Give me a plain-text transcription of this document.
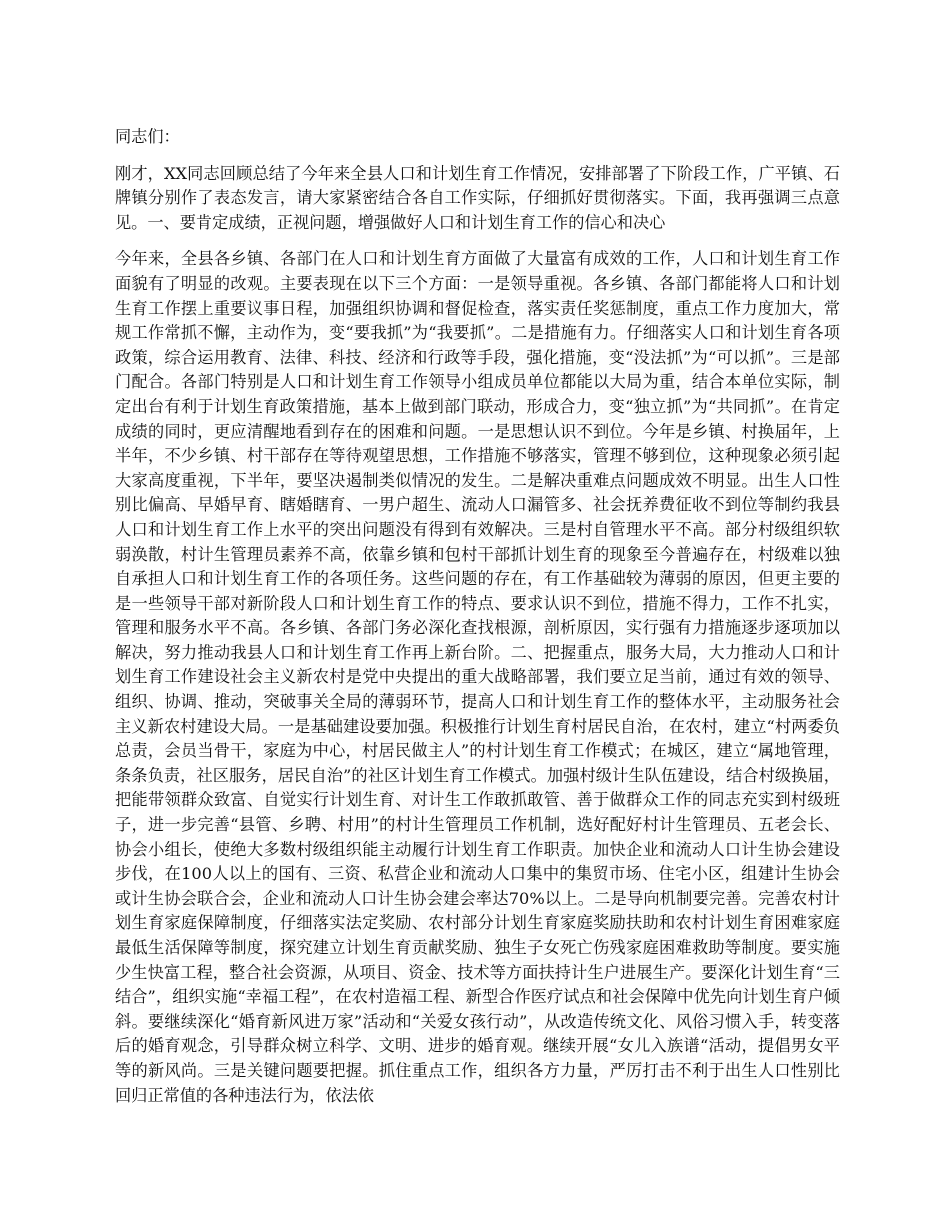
同志们：

刚才，XX同志回顾总结了今年来全县人口和计划生育工作情况，安排部署了下阶段工作，广平镇、石牌镇分别作了表态发言，请大家紧密结合各自工作实际，仔细抓好贯彻落实。下面，我再强调三点意见。一、要肯定成绩，正视问题，增强做好人口和计划生育工作的信心和决心

今年来，全县各乡镇、各部门在人口和计划生育方面做了大量富有成效的工作，人口和计划生育工作面貌有了明显的改观。主要表现在以下三个方面：一是领导重视。各乡镇、各部门都能将人口和计划生育工作摆上重要议事日程，加强组织协调和督促检查，落实责任奖惩制度，重点工作力度加大，常规工作常抓不懈，主动作为，变“要我抓”为“我要抓”。二是措施有力。仔细落实人口和计划生育各项政策，综合运用教育、法律、科技、经济和行政等手段，强化措施，变“没法抓”为“可以抓”。三是部门配合。各部门特别是人口和计划生育工作领导小组成员单位都能以大局为重，结合本单位实际，制定出台有利于计划生育政策措施，基本上做到部门联动，形成合力，变“独立抓”为“共同抓”。在肯定成绩的同时，更应清醒地看到存在的困难和问题。一是思想认识不到位。今年是乡镇、村换届年，上半年，不少乡镇、村干部存在等待观望思想，工作措施不够落实，管理不够到位，这种现象必须引起大家高度重视，下半年，要坚决遏制类似情况的发生。二是解决重难点问题成效不明显。出生人口性别比偏高、早婚早育、瞎婚瞎育、一男户超生、流动人口漏管多、社会抚养费征收不到位等制约我县人口和计划生育工作上水平的突出问题没有得到有效解决。三是村自管理水平不高。部分村级组织软弱涣散，村计生管理员素养不高，依靠乡镇和包村干部抓计划生育的现象至今普遍存在，村级难以独自承担人口和计划生育工作的各项任务。这些问题的存在，有工作基础较为薄弱的原因，但更主要的是一些领导干部对新阶段人口和计划生育工作的特点、要求认识不到位，措施不得力，工作不扎实，管理和服务水平不高。各乡镇、各部门务必深化查找根源，剖析原因，实行强有力措施逐步逐项加以解决，努力推动我县人口和计划生育工作再上新台阶。二、把握重点，服务大局，大力推动人口和计划生育工作建设社会主义新农村是党中央提出的重大战略部署，我们要立足当前，通过有效的领导、组织、协调、推动，突破事关全局的薄弱环节，提高人口和计划生育工作的整体水平，主动服务社会主义新农村建设大局。一是基础建设要加强。积极推行计划生育村居民自治，在农村，建立“村两委负总责，会员当骨干，家庭为中心，村居民做主人”的村计划生育工作模式；在城区，建立“属地管理，条条负责，社区服务，居民自治”的社区计划生育工作模式。加强村级计生队伍建设，结合村级换届，把能带领群众致富、自觉实行计划生育、对计生工作敢抓敢管、善于做群众工作的同志充实到村级班子，进一步完善“县管、乡聘、村用”的村计生管理员工作机制，选好配好村计生管理员、五老会长、协会小组长，使绝大多数村级组织能主动履行计划生育工作职责。加快企业和流动人口计生协会建设步伐，在100人以上的国有、三资、私营企业和流动人口集中的集贸市场、住宅小区，组建计生协会或计生协会联合会，企业和流动人口计生协会建会率达70%以上。二是导向机制要完善。完善农村计划生育家庭保障制度，仔细落实法定奖励、农村部分计划生育家庭奖励扶助和农村计划生育困难家庭最低生活保障等制度，探究建立计划生育贡献奖励、独生子女死亡伤残家庭困难救助等制度。要实施少生快富工程，整合社会资源，从项目、资金、技术等方面扶持计生户进展生产。要深化计划生育“三结合”，组织实施“幸福工程”，在农村造福工程、新型合作医疗试点和社会保障中优先向计划生育户倾斜。要继续深化“婚育新风进万家”活动和“关爱女孩行动”，从改造传统文化、风俗习惯入手，转变落后的婚育观念，引导群众树立科学、文明、进步的婚育观。继续开展“女儿入族谱“活动，提倡男女平等的新风尚。三是关键问题要把握。抓住重点工作，组织各方力量，严厉打击不利于出生人口性别比回归正常值的各种违法行为，依法依
